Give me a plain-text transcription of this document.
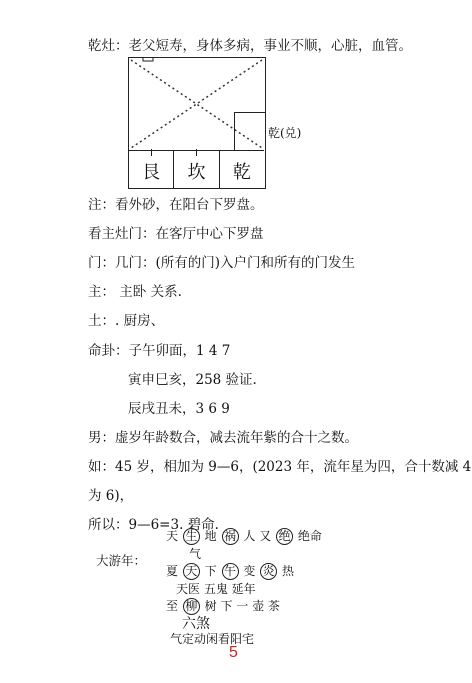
乾灶：老父短寿，身体多病，事业不顺，心脏，血管。
艮 坎 乾
乾(兑)
注：看外砂，在阳台下罗盘。
看主灶门：在客厅中心下罗盘
门：几门：(所有的门)入户门和所有的门发生
主： 主卧 关系.
土：. 厨房、
命卦：子午卯面，1 4 7
寅申巳亥，258 验证.
辰戌丑未，3 6 9
男：虚岁年龄数合，减去流年紫的合十之数。
如：45 岁，相加为 9—6，(2023 年，流年星为四，合十数减 4
为 6)，
所以：9—6=3. 碧命.
大游年：
天 生 地 祸 人 又 绝 绝命
气
夏 天 下 午 变 炎 热
天医 五鬼 延年
至 柳 树 下 一 壶 茶
六煞
气定动闲看阳宅
5
